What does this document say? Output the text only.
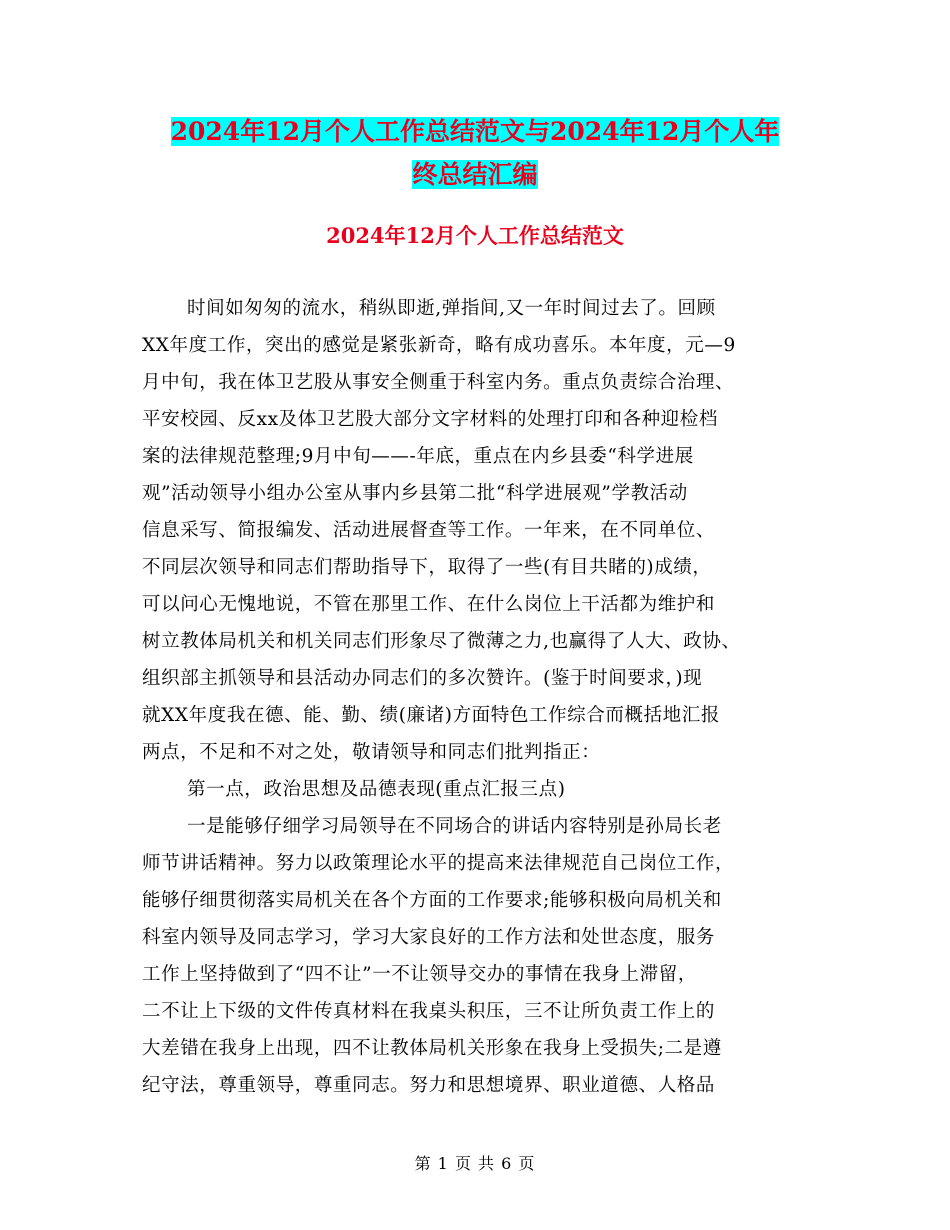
2024年12月个人工作总结范文与2024年12月个人年
终总结汇编
2024年12月个人工作总结范文
时间如匆匆的流水，稍纵即逝,弹指间,又一年时间过去了。回顾
XX年度工作，突出的感觉是紧张新奇，略有成功喜乐。本年度，元—9
月中旬，我在体卫艺股从事安全侧重于科室内务。重点负责综合治理、
平安校园、反xx及体卫艺股大部分文字材料的处理打印和各种迎检档
案的法律规范整理;9月中旬——-年底，重点在内乡县委“科学进展
观”活动领导小组办公室从事内乡县第二批“科学进展观”学教活动
信息采写、简报编发、活动进展督查等工作。一年来，在不同单位、
不同层次领导和同志们帮助指导下，取得了一些(有目共睹的)成绩，
可以问心无愧地说，不管在那里工作、在什么岗位上干活都为维护和
树立教体局机关和机关同志们形象尽了微薄之力,也赢得了人大、政协、
组织部主抓领导和县活动办同志们的多次赞许。(鉴于时间要求，)现
就XX年度我在德、能、勤、绩(廉诸)方面特色工作综合而概括地汇报
两点，不足和不对之处，敬请领导和同志们批判指正：
第一点，政治思想及品德表现(重点汇报三点)
一是能够仔细学习局领导在不同场合的讲话内容特别是孙局长老
师节讲话精神。努力以政策理论水平的提高来法律规范自己岗位工作，
能够仔细贯彻落实局机关在各个方面的工作要求;能够积极向局机关和
科室内领导及同志学习，学习大家良好的工作方法和处世态度，服务
工作上坚持做到了“四不让”一不让领导交办的事情在我身上滞留，
二不让上下级的文件传真材料在我桌头积压，三不让所负责工作上的
大差错在我身上出现，四不让教体局机关形象在我身上受损失;二是遵
纪守法，尊重领导，尊重同志。努力和思想境界、职业道德、人格品
第 1 页 共 6 页
